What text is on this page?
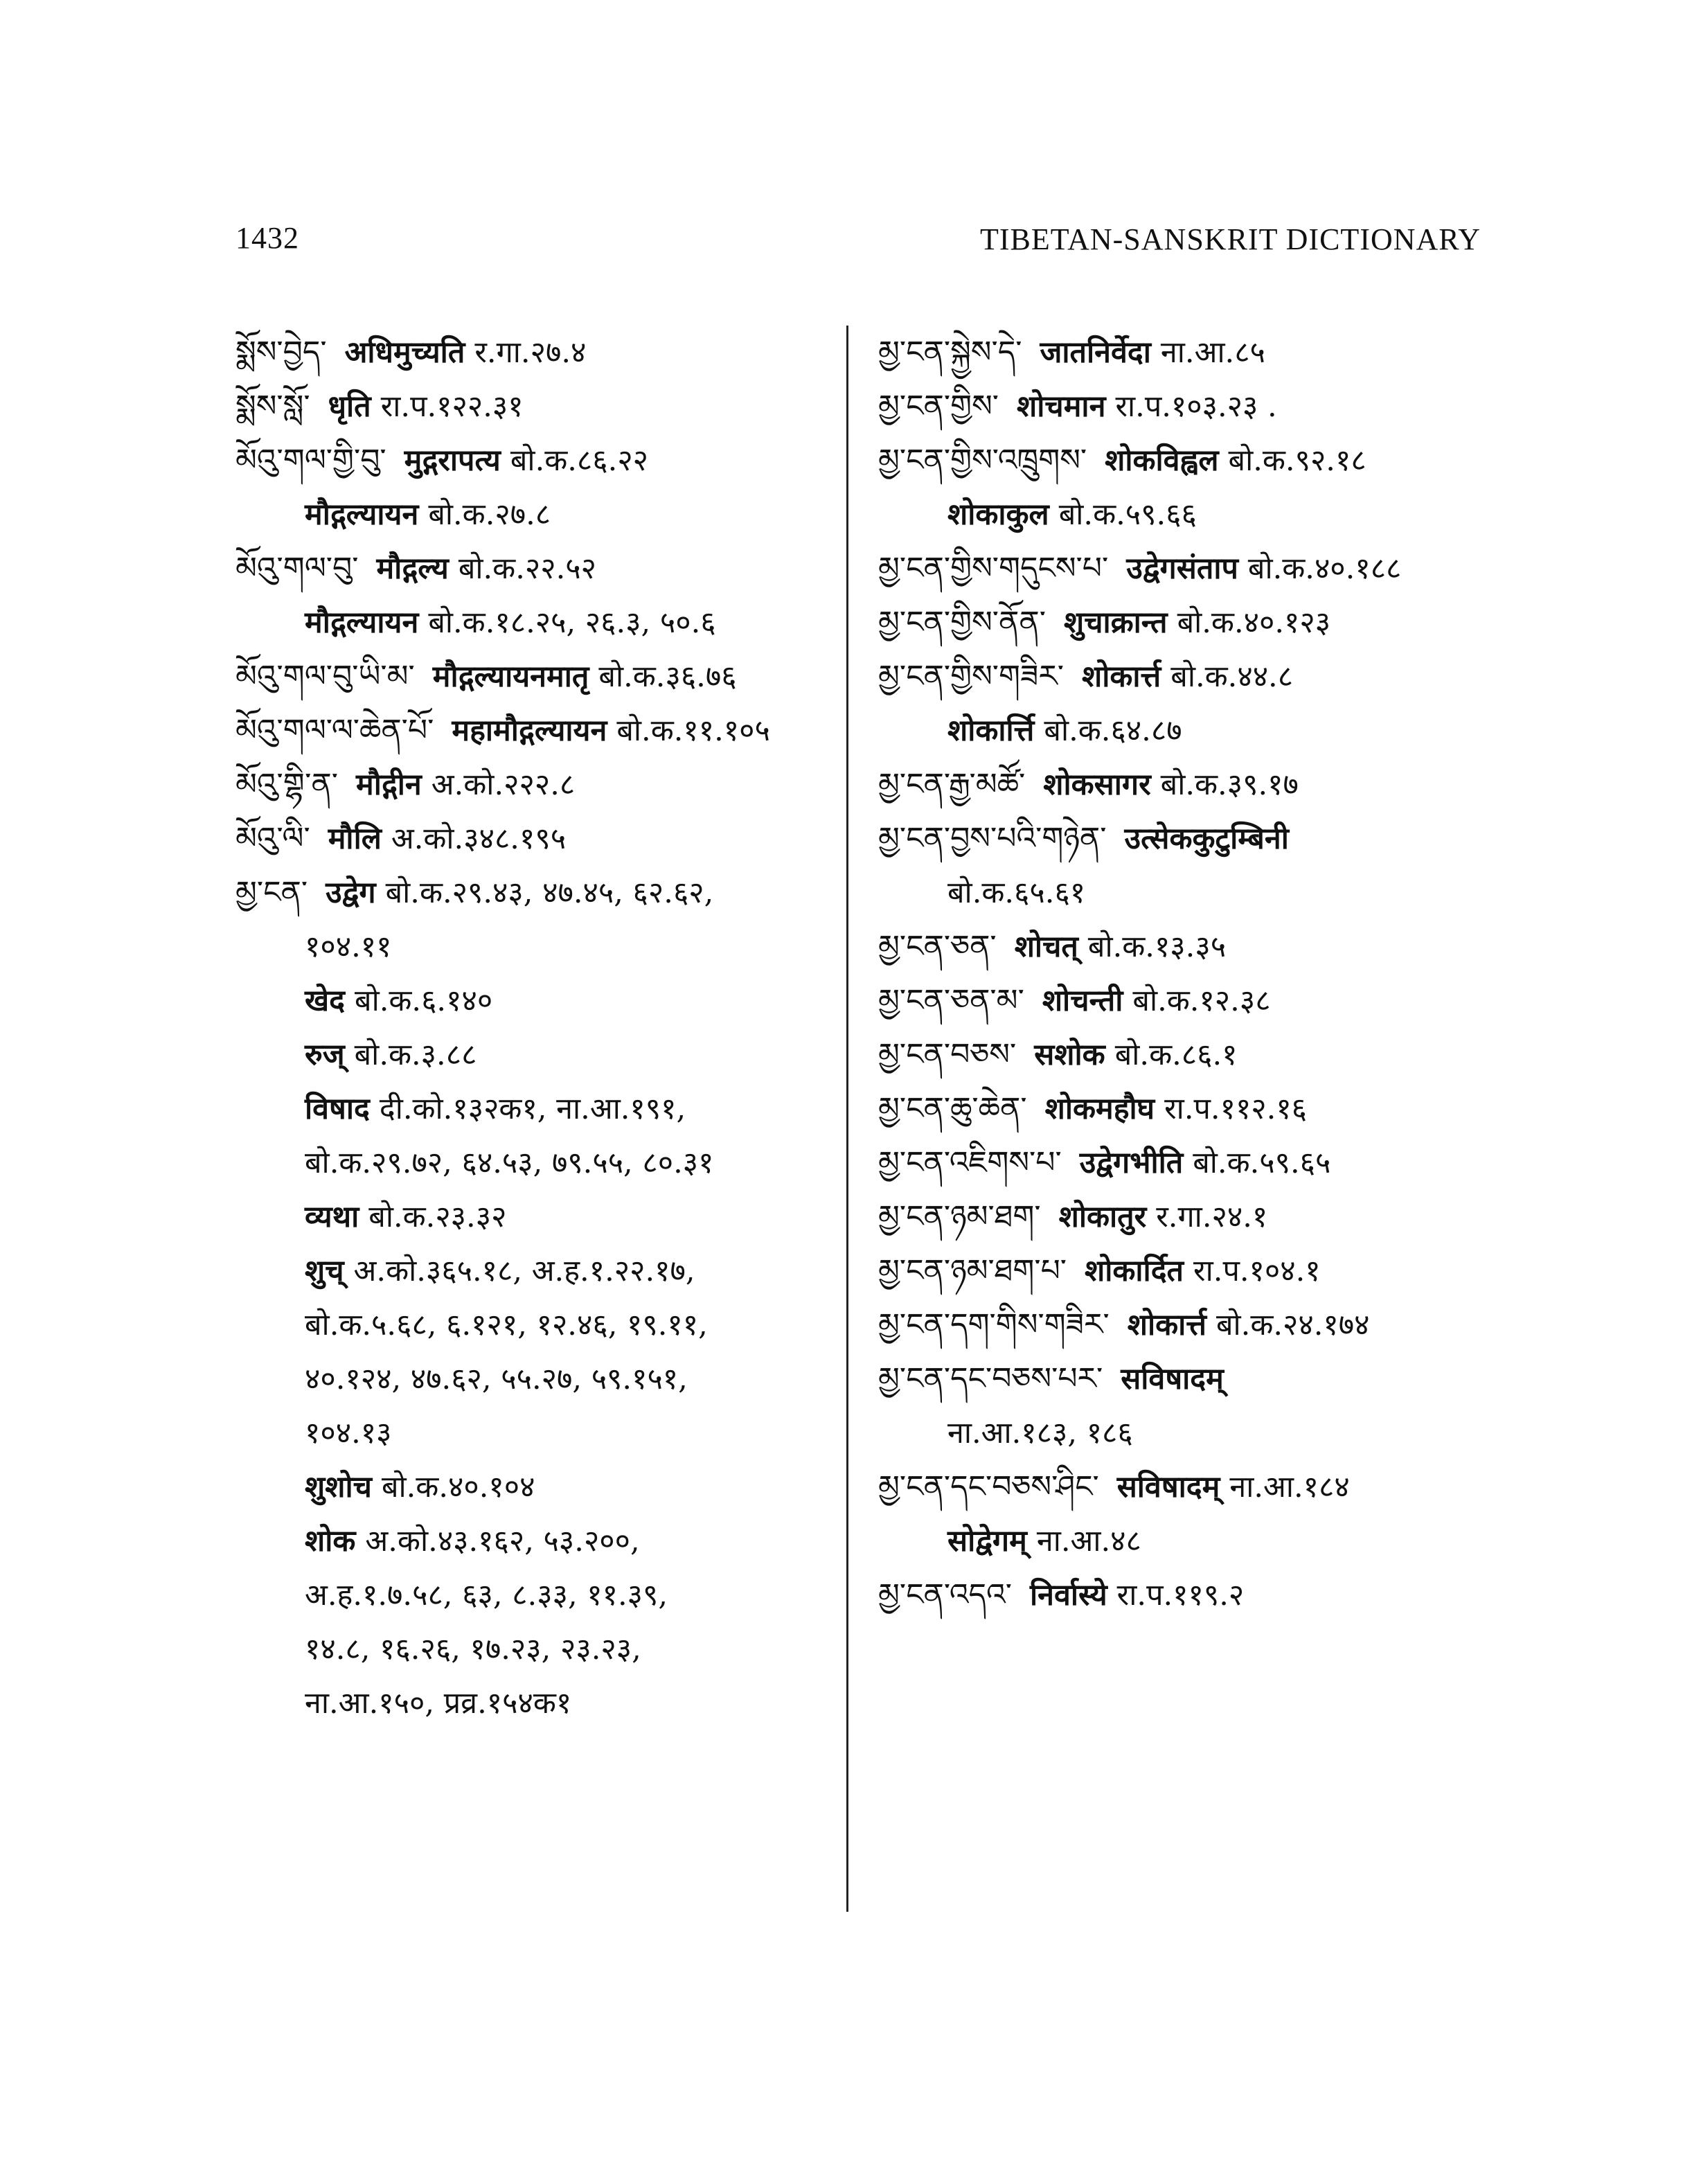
1432	TIBETAN-SANSKRIT DICTIONARY
སྨོས་བྱེད་ अधिमुच्यति र.गा.२७.४
སྨོས་སློ་ धृति रा.प.१२२.३१
མོའུ་གལ་གྱི་བུ་ मुद्गरापत्य बो.क.८६.२२
मौद्गल्यायन बो.क.२७.८
མོའུ་གལ་བུ་ मौद्गल्य बो.क.२२.५२
मौद्गल्यायन बो.क.१८.२५, २६.३, ५०.६
མོའུ་གལ་བུ་ཡི་མ་ मौद्गल्यायनमातृ बो.क.३६.७६
མོའུ་གལ་ལ་ཆེན་པོ་ महामौद्गल्यायन बो.क.११.१०५
མོའུ་གྷི་ན་ मौद्गीन अ.को.२२२.८
མོའུ་ལི་ मौलि अ.को.३४८.१९५
མྱ་ངན་ उद्वेग बो.क.२९.४३, ४७.४५, ६२.६२,
१०४.११
खेद बो.क.६.१४०
रुज् बो.क.३.८८
विषाद दी.को.१३२क१, ना.आ.१९१,
बो.क.२९.७२, ६४.५३, ७९.५५, ८०.३१
व्यथा बो.क.२३.३२
शुच् अ.को.३६५.१८, अ.ह.१.२२.१७,
बो.क.५.६८, ६.१२१, १२.४६, १९.११,
४०.१२४, ४७.६२, ५५.२७, ५९.१५१,
१०४.१३
शुशोच बो.क.४०.१०४
शोक अ.को.४३.१६२, ५३.२००,
अ.ह.१.७.५८, ६३, ८.३३, ११.३९,
१४.८, १६.२६, १७.२३, २३.२३,
ना.आ.१५०, प्रव्र.१५४क१
མྱ་ངན་སྐྱེས་དེ་ जातनिर्वेदा ना.आ.८५
མྱ་ངན་གྱིས་ शोचमान रा.प.१०३.२३ .
མྱ་ངན་གྱིས་འཁྲུགས་ शोकविह्वल बो.क.९२.१८
शोकाकुल बो.क.५९.६६
མྱ་ངན་གྱིས་གདུངས་པ་ उद्वेगसंताप बो.क.४०.१८८
མྱ་ངན་གྱིས་ནོན་ शुचाक्रान्त बो.क.४०.१२३
མྱ་ངན་གྱིས་གཟིར་ शोकार्त्त बो.क.४४.८
शोकार्त्ति बो.क.६४.८७
མྱ་ངན་རྒྱ་མཚོ་ शोकसागर बो.क.३९.१७
མྱ་ངན་བྱས་པའི་གཉེན་ उत्सेककुटुम्बिनी
बो.क.६५.६१
མྱ་ངན་ཅན་ शोचत् बो.क.१३.३५
མྱ་ངན་ཅན་མ་ शोचन्ती बो.क.१२.३८
མྱ་ངན་བཅས་ सशोक बो.क.८६.१
མྱ་ངན་ཆུ་ཆེན་ शोकमहौघ रा.प.११२.१६
མྱ་ངན་འཇིགས་པ་ उद्वेगभीति बो.क.५९.६५
མྱ་ངན་ཉམ་ཐག་ शोकातुर र.गा.२४.१
མྱ་ངན་ཉམ་ཐག་པ་ शोकार्दित रा.प.१०४.१
མྱ་ངན་དག་གིས་གཟིར་ शोकार्त्त बो.क.२४.१७४
མྱ་ངན་དང་བཅས་པར་ सविषादम्
ना.आ.१८३, १८६
མྱ་ངན་དང་བཅས་ཤིང་ सविषादम् ना.आ.१८४
सोद्वेगम् ना.आ.४८
མྱ་ངན་འདའ་ निर्वास्ये रा.प.११९.२
